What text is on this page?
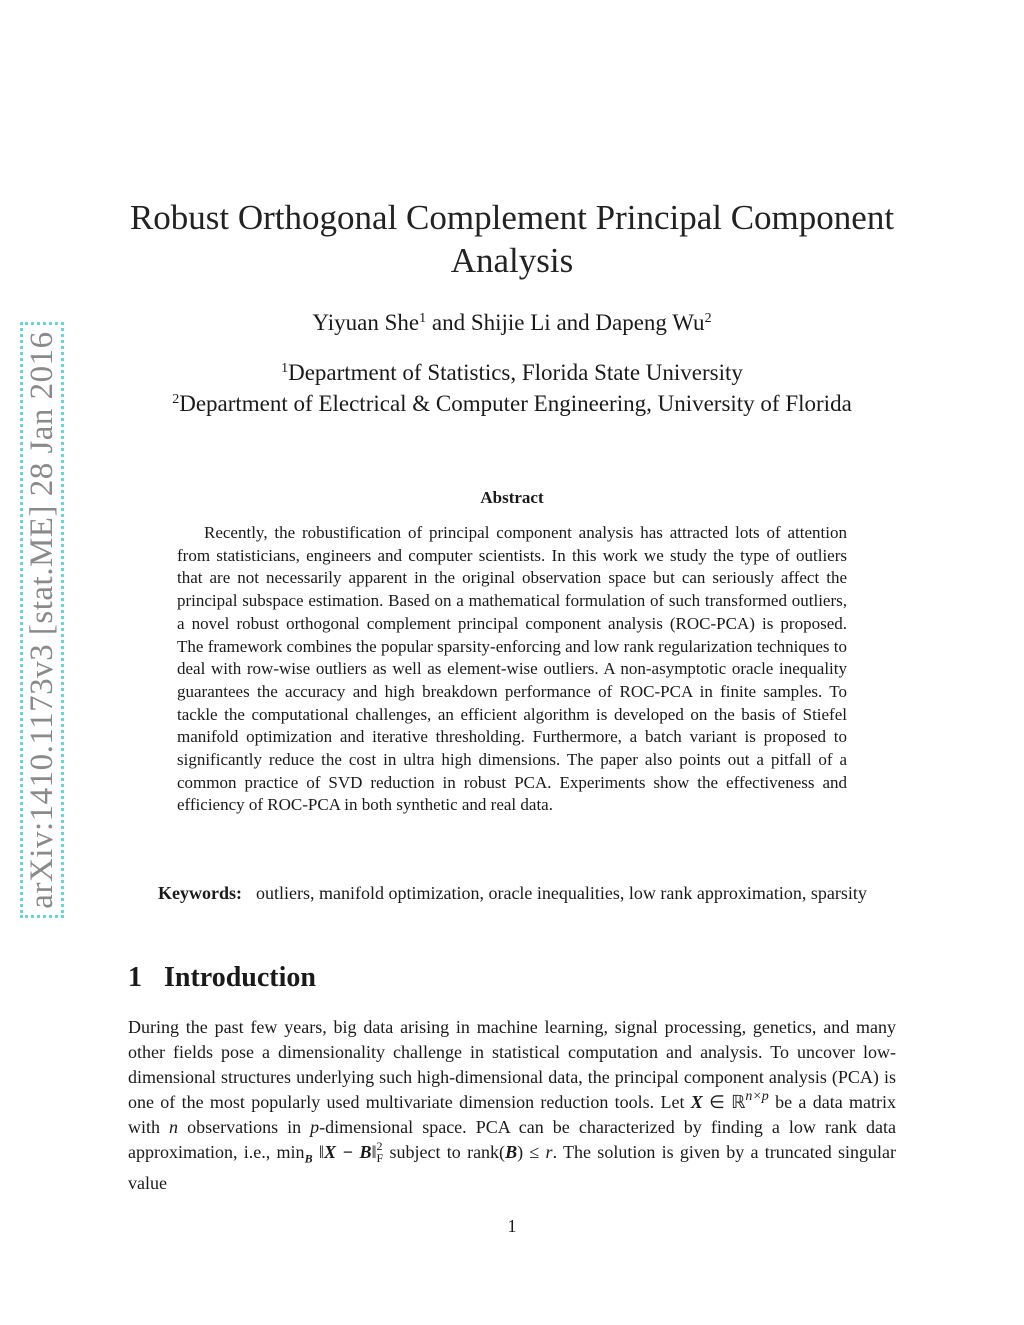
arXiv:1410.1173v3 [stat.ME] 28 Jan 2016
Robust Orthogonal Complement Principal Component
Analysis
Yiyuan She$^1$ and Shijie Li and Dapeng Wu$^2$
$^1$Department of Statistics, Florida State University
$^2$Department of Electrical & Computer Engineering, University of Florida
Abstract
Recently, the robustification of principal component analysis has attracted lots of attention from statisticians, engineers and computer scientists. In this work we study the type of outliers that are not necessarily apparent in the original observation space but can seriously affect the principal subspace estimation. Based on a mathematical formulation of such transformed outliers, a novel robust orthogonal complement principal component analysis (ROC-PCA) is proposed. The framework combines the popular sparsity-enforcing and low rank regularization techniques to deal with row-wise outliers as well as element-wise outliers. A non-asymptotic oracle inequality guarantees the accuracy and high breakdown performance of ROC-PCA in finite samples. To tackle the computational challenges, an efficient algorithm is developed on the basis of Stiefel manifold optimization and iterative thresholding. Furthermore, a batch variant is proposed to significantly reduce the cost in ultra high dimensions. The paper also points out a pitfall of a common practice of SVD reduction in robust PCA. Experiments show the effectiveness and efficiency of ROC-PCA in both synthetic and real data.
Keywords: outliers, manifold optimization, oracle inequalities, low rank approximation, sparsity
1 Introduction
During the past few years, big data arising in machine learning, signal processing, genetics, and many other fields pose a dimensionality challenge in statistical computation and analysis. To uncover low-dimensional structures underlying such high-dimensional data, the principal component analysis (PCA) is one of the most popularly used multivariate dimension reduction tools. Let X ∈ ℝ$^{n\times p}$ be a data matrix with n observations in p-dimensional space. PCA can be characterized by finding a low rank data approximation, i.e., $\min_B$ ‖X − B‖$^2_F$ subject to rank(B) ≤ r. The solution is given by a truncated singular value
1
